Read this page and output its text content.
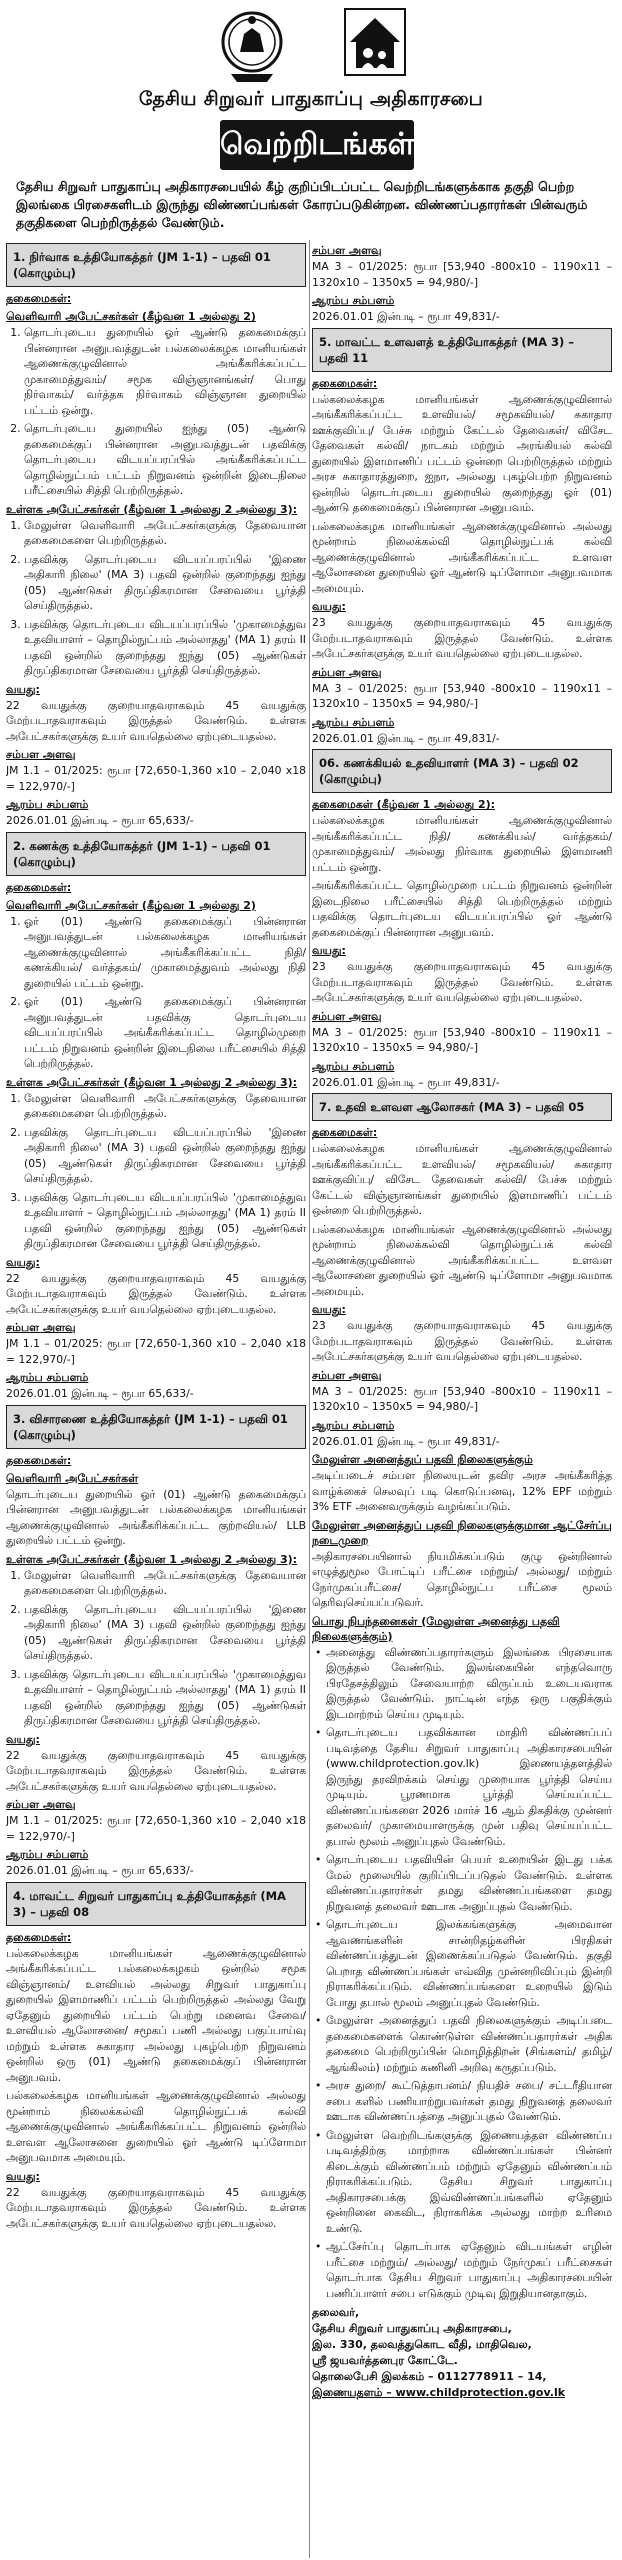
தேசிய சிறுவர் பாதுகாப்பு அதிகாரசபை
வெற்றிடங்கள்
தேசிய சிறுவர் பாதுகாப்பு அதிகாரசபையில் கீழ் குறிப்பிடப்பட்ட வெற்றிடங்களுக்காக தகுதி பெற்ற இலங்கை பிரசைகளிடம் இருந்து விண்ணப்பங்கள் கோரப்படுகின்றன. விண்ணப்பதாரர்கள் பின்வரும் தகுதிகளை பெற்றிருத்தல் வேண்டும்.
1. நிர்வாக உத்தியோகத்தர் (JM 1-1) – பதவி 01 (கொழும்பு)
தகைமைகள்:
வெளிவாரி அபேட்சகர்கள் (கீழ்வன 1 அல்லது 2)
1. தொடர்புடைய துறையில் ஓர் ஆண்டு தகைமைக்குப் பின்னரான அனுபவத்துடன் பல்கலைக்கழக மானியங்கள் ஆணைக்குழுவினால் அங்கீகரிக்கப்பட்ட முகாமைத்துவம்/ சமூக விஞ்ஞானங்கள்/ பொது நிர்வாகம்/ வர்த்தக நிர்வாகம் விஞ்ஞான துறையில் பட்டம் ஒன்று.
2. தொடர்புடைய துறையில் ஐந்து (05) ஆண்டு தகைமைக்குப் பின்னரான அனுபவத்துடன் பதவிக்கு தொடர்புடைய விடயப்பரப்பில் அங்கீகரிக்கப்பட்ட தொழில்நுட்பம் பட்டம் நிறுவனம் ஒன்றின் இடைநிலை பரீட்சையில் சித்தி பெற்றிருத்தல்.
உள்ளக அபேட்சகர்கள் (கீழ்வன 1 அல்லது 2 அல்லது 3):
1. மேலுள்ள வெளிவாரி அபேட்சகர்களுக்கு தேவையான தகைமைகளை பெற்றிருத்தல்.
2. பதவிக்கு தொடர்புடைய விடயப்பரப்பில் 'இணை அதிகாரி நிலை' (MA 3) பதவி ஒன்றில் குறைந்தது ஐந்து (05) ஆண்டுகள் திருப்திகரமான சேவையை பூர்த்தி செய்திருத்தல்.
3. பதவிக்கு தொடர்புடைய விடயப்பரப்பில் 'முகாமைத்துவ உதவியாளர் – தொழில்நுட்பம் அல்லாதது' (MA 1) தரம் II பதவி ஒன்றில் குறைந்தது ஐந்து (05) ஆண்டுகள் திருப்திகரமான சேவையை பூர்த்தி செய்திருத்தல்.
வயது:
22 வயதுக்கு குறையாதவராகவும் 45 வயதுக்கு மேற்படாதவராகவும் இருத்தல் வேண்டும். உள்ளக அபேட்சகர்களுக்கு உயர் வயதெல்லை ஏற்புடையதல்ல.
சம்பள அளவு
JM 1.1 – 01/2025: ரூபா [72,650-1,360 x10 – 2,040 x18 = 122,970/-]
ஆரம்ப சம்பளம்
2026.01.01 இன்படி – ரூபா 65,633/-
2. கணக்கு உத்தியோகத்தர் (JM 1-1) – பதவி 01 (கொழும்பு)
தகைமைகள்:
வெளிவாரி அபேட்சகர்கள் (கீழ்வன 1 அல்லது 2)
1. ஓர் (01) ஆண்டு தகைமைக்குப் பின்னரான அனுபவத்துடன் பல்கலைக்கழக மானியங்கள் ஆணைக்குழுவினால் அங்கீகரிக்கப்பட்ட நிதி/ கணக்கியல்/ வர்த்தகம்/ முகாமைத்துவம் அல்லது நிதி துறையில் பட்டம் ஒன்று.
2. ஓர் (01) ஆண்டு தகைமைக்குப் பின்னரான அனுபவத்துடன் பதவிக்கு தொடர்புடைய விடயப்பரப்பில் அங்கீகரிக்கப்பட்ட தொழில்முறை பட்டம் நிறுவனம் ஒன்றின் இடைநிலை பரீட்சையில் சித்தி பெற்றிருத்தல்.
உள்ளக அபேட்சகர்கள் (கீழ்வன 1 அல்லது 2 அல்லது 3):
1. மேலுள்ள வெளிவாரி அபேட்சகர்களுக்கு தேவையான தகைமைகளை பெற்றிருத்தல்.
2. பதவிக்கு தொடர்புடைய விடயப்பரப்பில் 'இணை அதிகாரி நிலை' (MA 3) பதவி ஒன்றில் குறைந்தது ஐந்து (05) ஆண்டுகள் திருப்திகரமான சேவையை பூர்த்தி செய்திருத்தல்.
3. பதவிக்கு தொடர்புடைய விடயப்பரப்பில் 'முகாமைத்துவ உதவியாளர் – தொழில்நுட்பம் அல்லாதது' (MA 1) தரம் II பதவி ஒன்றில் குறைந்தது ஐந்து (05) ஆண்டுகள் திருப்திகரமான சேவையை பூர்த்தி செய்திருத்தல்.
வயது:
22 வயதுக்கு குறையாதவராகவும் 45 வயதுக்கு மேற்படாதவராகவும் இருத்தல் வேண்டும். உள்ளக அபேட்சகர்களுக்கு உயர் வயதெல்லை ஏற்புடையதல்ல.
சம்பள அளவு
JM 1.1 – 01/2025: ரூபா [72,650-1,360 x10 – 2,040 x18 = 122,970/-]
ஆரம்ப சம்பளம்
2026.01.01 இன்படி – ரூபா 65,633/-
3. விசாரணை உத்தியோகத்தர் (JM 1-1) – பதவி 01 (கொழும்பு)
தகைமைகள்:
வெளிவாரி அபேட்சகர்கள்
தொடர்புடைய துறையில் ஓர் (01) ஆண்டு தகைமைக்குப் பின்னரான அனுபவத்துடன் பல்கலைக்கழக மானியங்கள் ஆணைக்குழுவினால் அங்கீகரிக்கப்பட்ட குற்றவியல்/ LLB துறையில் பட்டம் ஒன்று.
உள்ளக அபேட்சகர்கள் (கீழ்வன 1 அல்லது 2 அல்லது 3):
1. மேலுள்ள வெளிவாரி அபேட்சகர்களுக்கு தேவையான தகைமைகளை பெற்றிருத்தல்.
2. பதவிக்கு தொடர்புடைய விடயப்பரப்பில் 'இணை அதிகாரி நிலை' (MA 3) பதவி ஒன்றில் குறைந்தது ஐந்து (05) ஆண்டுகள் திருப்திகரமான சேவையை பூர்த்தி செய்திருத்தல்.
3. பதவிக்கு தொடர்புடைய விடயப்பரப்பில் 'முகாமைத்துவ உதவியாளர் – தொழில்நுட்பம் அல்லாதது' (MA 1) தரம் II பதவி ஒன்றில் குறைந்தது ஐந்து (05) ஆண்டுகள் திருப்திகரமான சேவையை பூர்த்தி செய்திருத்தல்.
வயது:
22 வயதுக்கு குறையாதவராகவும் 45 வயதுக்கு மேற்படாதவராகவும் இருத்தல் வேண்டும். உள்ளக அபேட்சகர்களுக்கு உயர் வயதெல்லை ஏற்புடையதல்ல.
சம்பள அளவு
JM 1.1 – 01/2025: ரூபா [72,650-1,360 x10 – 2,040 x18 = 122,970/-]
ஆரம்ப சம்பளம்
2026.01.01 இன்படி – ரூபா 65,633/-
4. மாவட்ட சிறுவர் பாதுகாப்பு உத்தியோகத்தர் (MA 3) – பதவி 08
தகைமைகள்:
பல்கலைக்கழக மானியங்கள் ஆணைக்குழுவினால் அங்கீகரிக்கப்பட்ட பல்கலைக்கழகம் ஒன்றில் சமூக விஞ்ஞானம்/ உளவியல் அல்லது சிறுவர் பாதுகாப்பு துறையில் இளமாணிப் பட்டம் பெற்றிருத்தல் அல்லது வேறு ஏதேனும் துறையில் பட்டம் பெற்று மனைவ சேவை/ உளவியல் ஆலோசனை/ சமூகப் பணி அல்லது பகுப்பாய்வு மற்றும் உள்ளக சுகாதார அல்லது புகழ்பெற்ற நிறுவனம் ஒன்றில் ஒரு (01) ஆண்டு தகைமைக்குப் பின்னரான அனுபவம்.
பல்கலைக்கழக மானியங்கள் ஆணைக்குழுவினால் அல்லது மூன்றாம் நிலைக்கல்வி தொழில்நுட்பக் கல்வி ஆணைக்குழுவினால் அங்கீகரிக்கப்பட்ட நிறுவனம் ஒன்றில் உளவள ஆலோசனை துறையில் ஓர் ஆண்டு டிப்ளோமா அனுபவமாக அமையும்.
வயது:
22 வயதுக்கு குறையாதவராகவும் 45 வயதுக்கு மேற்படாதவராகவும் இருத்தல் வேண்டும். உள்ளக அபேட்சகர்களுக்கு உயர் வயதெல்லை ஏற்புடையதல்ல.
சம்பள அளவு
MA 3 – 01/2025: ரூபா [53,940 -800x10 – 1190x11 – 1320x10 – 1350x5 = 94,980/-]
ஆரம்ப சம்பளம்
2026.01.01 இன்படி – ரூபா 49,831/-
5. மாவட்ட உளவளத் உத்தியோகத்தர் (MA 3) – பதவி 11
தகைமைகள்:
பல்கலைக்கழக மானியங்கள் ஆணைக்குழுவினால் அங்கீகரிக்கப்பட்ட உளவியல்/ சமூகவியல்/ சுகாதார ஊக்குவிப்பு/ பேச்சு மற்றும் கேட்டல் தேவைகள்/ விசேட தேவைகள் கல்வி/ நாடகம் மற்றும் அரங்கியல் கல்வி துறையில் இளமாணிப் பட்டம் ஒன்றை பெற்றிருத்தல் மற்றும் அரச சுகாதாரத்துறை, ஐநா, அல்லது புகழ்பெற்ற நிறுவனம் ஒன்றில் தொடர்புடைய துறையில் குறைந்தது ஓர் (01) ஆண்டு தகைமைக்குப் பின்னரான அனுபவம்.
பல்கலைக்கழக மானியங்கள் ஆணைக்குழுவினால் அல்லது மூன்றாம் நிலைக்கல்வி தொழில்நுட்பக் கல்வி ஆணைக்குழுவினால் அங்கீகரிக்கப்பட்ட உளவள ஆலோசனை துறையில் ஓர் ஆண்டு டிப்ளோமா அனுபவமாக அமையும்.
வயது:
23 வயதுக்கு குறையாதவராகவும் 45 வயதுக்கு மேற்படாதவராகவும் இருத்தல் வேண்டும். உள்ளக அபேட்சகர்களுக்கு உயர் வயதெல்லை ஏற்புடையதல்ல.
சம்பள அளவு
MA 3 – 01/2025: ரூபா [53,940 -800x10 – 1190x11 – 1320x10 – 1350x5 = 94,980/-]
ஆரம்ப சம்பளம்
2026.01.01 இன்படி – ரூபா 49,831/-
06. கணக்கியல் உதவியாளர் (MA 3) – பதவி 02 (கொழும்பு)
தகைமைகள் (கீழ்வன 1 அல்லது 2):
பல்கலைக்கழக மானியங்கள் ஆணைக்குழுவினால் அங்கீகரிக்கப்பட்ட நிதி/ கணக்கியல்/ வர்த்தகம்/ முகாமைத்துவம்/ அல்லது நிர்வாக துறையில் இளமாணி பட்டம் ஒன்று.
அங்கீகரிக்கப்பட்ட தொழில்முறை பட்டம் நிறுவனம் ஒன்றின் இடைநிலை பரீட்சையில் சித்தி பெற்றிருத்தல் மற்றும் பதவிக்கு தொடர்புடைய விடயப்பரப்பில் ஓர் ஆண்டு தகைமைக்குப் பின்னரான அனுபவம்.
வயது:
23 வயதுக்கு குறையாதவராகவும் 45 வயதுக்கு மேற்படாதவராகவும் இருத்தல் வேண்டும். உள்ளக அபேட்சகர்களுக்கு உயர் வயதெல்லை ஏற்புடையதல்ல.
சம்பள அளவு
MA 3 – 01/2025: ரூபா [53,940 -800x10 – 1190x11 – 1320x10 – 1350x5 = 94,980/-]
ஆரம்ப சம்பளம்
2026.01.01 இன்படி – ரூபா 49,831/-
7. உதவி உளவள ஆலோசகர் (MA 3) – பதவி 05
தகைமைகள்:
பல்கலைக்கழக மானியங்கள் ஆணைக்குழுவினால் அங்கீகரிக்கப்பட்ட உளவியல்/ சமூகவியல்/ சுகாதார ஊக்குவிப்பு/ விசேட தேவைகள் கல்வி/ பேச்சு மற்றும் கேட்டல் விஞ்ஞானங்கள் துறையில் இளமாணிப் பட்டம் ஒன்றை பெற்றிருத்தல்.
பல்கலைக்கழக மானியங்கள் ஆணைக்குழுவினால் அல்லது மூன்றாம் நிலைக்கல்வி தொழில்நுட்பக் கல்வி ஆணைக்குழுவினால் அங்கீகரிக்கப்பட்ட உளவள ஆலோசனை துறையில் ஓர் ஆண்டு டிப்ளோமா அனுபவமாக அமையும்.
வயது:
23 வயதுக்கு குறையாதவராகவும் 45 வயதுக்கு மேற்படாதவராகவும் இருத்தல் வேண்டும். உள்ளக அபேட்சகர்களுக்கு உயர் வயதெல்லை ஏற்புடையதல்ல.
சம்பள அளவு
MA 3 – 01/2025: ரூபா [53,940 -800x10 – 1190x11 – 1320x10 – 1350x5 = 94,980/-]
ஆரம்ப சம்பளம்
2026.01.01 இன்படி – ரூபா 49,831/-
மேலுள்ள அனைத்துப் பதவி நிலைகளுக்கும்
அடிப்படைச் சம்பள நிலையுடன் தவிர அரச அங்கீகரித்த வாழ்க்கைச் செலவுப் படி கொடுப்பனவு, 12% EPF மற்றும் 3% ETF அனைவருக்கும் வழங்கப்படும்.
மேலுள்ள அனைத்துப் பதவி நிலைகளுக்குமான ஆட்சேர்ப்பு நடைமுறை
அதிகாரசபையினால் நியமிக்கப்படும் குழு ஒன்றினால் எழுத்துமூல போட்டிப் பரீட்சை மற்றும்/ அல்லது/ மற்றும் நேர்முகப்பரீட்சை/ தொழில்நுட்ப பரீட்சை மூலம் தெரிவுசெய்யப்படுவர்.
பொது நிபந்தனைகள் (மேலுள்ள அனைத்து பதவி நிலைகளுக்கும்)
• அனைத்து விண்ணப்பதாரர்களும் இலங்கை பிரசையாக இருத்தல் வேண்டும். இலங்கையின் எந்தவொரு பிரதேசத்திலும் சேவையாற்ற விருப்பம் உடையவராக இருத்தல் வேண்டும். நாட்டின் எந்த ஒரு பகுதிக்கும் இடமாற்றம் செய்ய முடியும்.
• தொடர்புடைய பதவிக்கான மாதிரி விண்ணப்பப் படிவத்தை தேசிய சிறுவர் பாதுகாப்பு அதிகாரசபையின் (www.childprotection.gov.lk) இணையத்தளத்தில் இருந்து தரவிறக்கம் செய்து முறையாக பூர்த்தி செய்ய முடியும். பூரணமாக பூர்த்தி செய்யப்பட்ட விண்ணப்பங்களை 2026 மார்ச் 16 ஆம் திகதிக்கு முன்னர் தலைவர்/ முகாமையாளருக்கு முன் பதிவு செய்யப்பட்ட தபால் மூலம் அனுப்புதல் வேண்டும்.
• தொடர்புடைய பதவியின் பெயர் உறையின் இடது பக்க மேல் மூலையில் குறிப்பிடப்படுதல் வேண்டும். உள்ளக விண்ணப்பதாரர்கள் தமது விண்ணப்பங்களை தமது நிறுவனத் தலைவர் ஊடாக அனுப்புதல் வேண்டும்.
• தொடர்புடைய இலக்கங்களுக்கு அமைவான ஆவணங்களின் சான்றிதழ்களின் பிரதிகள் விண்ணப்பத்துடன் இணைக்கப்படுதல் வேண்டும். தகுதி பெறாத விண்ணப்பங்கள் எவ்வித முன்னறிவிப்பும் இன்றி நிராகரிக்கப்படும். விண்ணப்பங்களை உறையில் இடும் போது தபால் மூலம் அனுப்புதல் வேண்டும்.
• மேலுள்ள அனைத்துப் பதவி நிலைகளுக்கும் அடிப்படை தகைமைகளைக் கொண்டுள்ள விண்ணப்பதாரர்கள் அதிக தகைமை பெற்றிருப்பின் மொழித்திறன் (சிங்களம்/ தமிழ்/ ஆங்கிலம்) மற்றும் கணினி அறிவு கருதப்படும்.
• அரச துறை/ கூட்டுத்தாபனம்/ நியதிச் சபை/ சட்டரீதியான சபை களில் பணியாற்றுபவர்கள் தமது நிறுவனத் தலைவர் ஊடாக விண்ணப்பத்தை அனுப்புதல் வேண்டும்.
• மேலுள்ள வெற்றிடங்களுக்கு இணையத்தள விண்ணப்ப படிவத்திற்கு மாற்றாக விண்ணப்பங்கள் பின்னர் கிடைக்கும் விண்ணப்பம் மற்றும் ஏதேனும் விண்ணப்பம் நிராகரிக்கப்படும். தேசிய சிறுவர் பாதுகாப்பு அதிகாரசபைக்கு இவ்விண்ணப்பங்களில் ஏதேனும் ஒன்றினை கைவிட, நிராகரிக்க அல்லது மாற்ற உரிமை உண்டு.
• ஆட்சேர்ப்பு தொடர்பாக ஏதேனும் விடயங்கள் எழின் பரீட்சை மற்றும்/ அல்லது/ மற்றும் நேர்முகப் பரீட்சைகள் தொடர்பாக தேசிய சிறுவர் பாதுகாப்பு அதிகாரசபையின் பணிப்பாளர் சபை எடுக்கும் முடிவு இறுதியானதாகும்.
தலைவர்,
தேசிய சிறுவர் பாதுகாப்பு அதிகாரசபை,
இல. 330, தலவத்துகொட வீதி, மாதிவெல,
ஸ்ரீ ஜயவர்த்தனபுர கோட்டே.
தொலைபேசி இலக்கம் – 0112778911 – 14,
இணையதளம் – www.childprotection.gov.lk
